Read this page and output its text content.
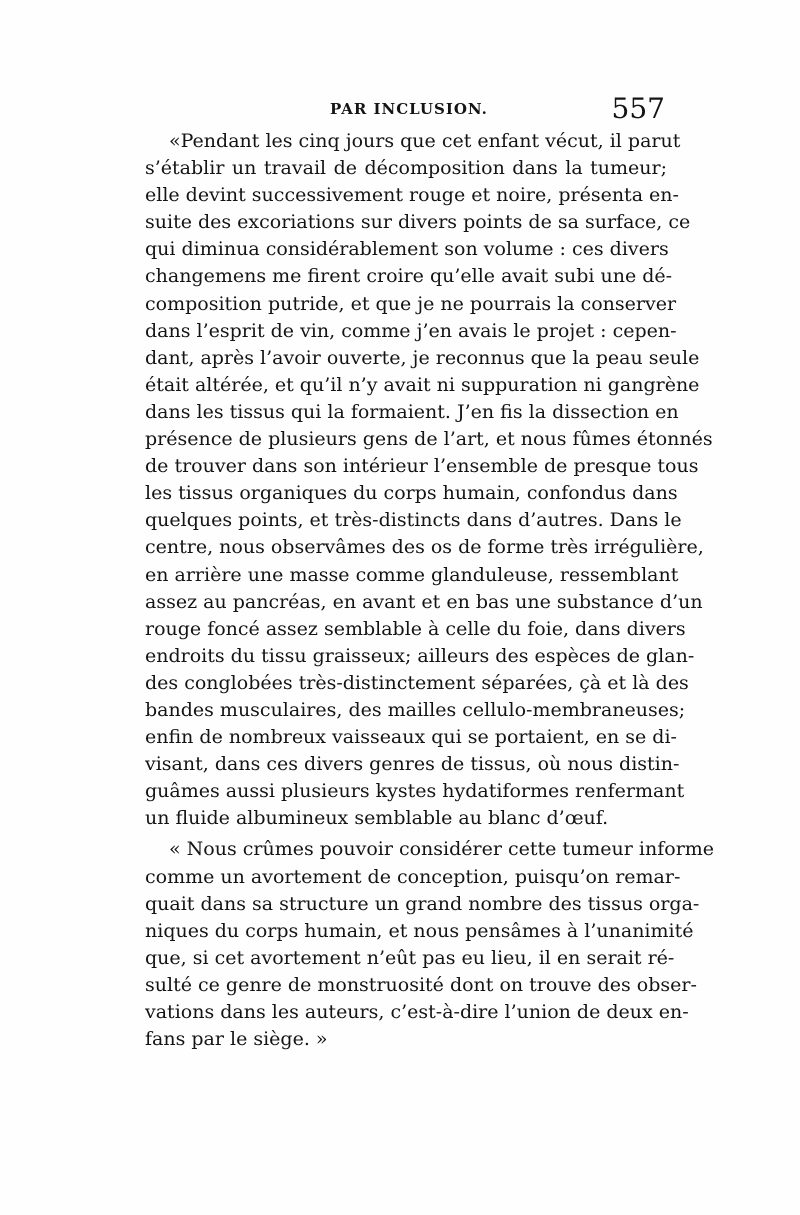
PAR INCLUSION.	557
«Pendant les cinq jours que cet enfant vécut, il parut
s’établir un travail de décomposition dans la tumeur;
elle devint successivement rouge et noire, présenta en-
suite des excoriations sur divers points de sa surface, ce
qui diminua considérablement son volume : ces divers
changemens me firent croire qu’elle avait subi une dé-
composition putride, et que je ne pourrais la conserver
dans l’esprit de vin, comme j’en avais le projet : cepen-
dant, après l’avoir ouverte, je reconnus que la peau seule
était altérée, et qu’il n’y avait ni suppuration ni gangrène
dans les tissus qui la formaient. J’en fis la dissection en
présence de plusieurs gens de l’art, et nous fûmes étonnés
de trouver dans son intérieur l’ensemble de presque tous
les tissus organiques du corps humain, confondus dans
quelques points, et très-distincts dans d’autres. Dans le
centre, nous observâmes des os de forme très irrégulière,
en arrière une masse comme glanduleuse, ressemblant
assez au pancréas, en avant et en bas une substance d’un
rouge foncé assez semblable à celle du foie, dans divers
endroits du tissu graisseux; ailleurs des espèces de glan-
des conglobées très-distinctement séparées, çà et là des
bandes musculaires, des mailles cellulo-membraneuses;
enfin de nombreux vaisseaux qui se portaient, en se di-
visant, dans ces divers genres de tissus, où nous distin-
guâmes aussi plusieurs kystes hydatiformes renfermant
un fluide albumineux semblable au blanc d’œuf.
« Nous crûmes pouvoir considérer cette tumeur informe
comme un avortement de conception, puisqu’on remar-
quait dans sa structure un grand nombre des tissus orga-
niques du corps humain, et nous pensâmes à l’unanimité
que, si cet avortement n’eût pas eu lieu, il en serait ré-
sulté ce genre de monstruosité dont on trouve des obser-
vations dans les auteurs, c’est-à-dire l’union de deux en-
fans par le siège. »
